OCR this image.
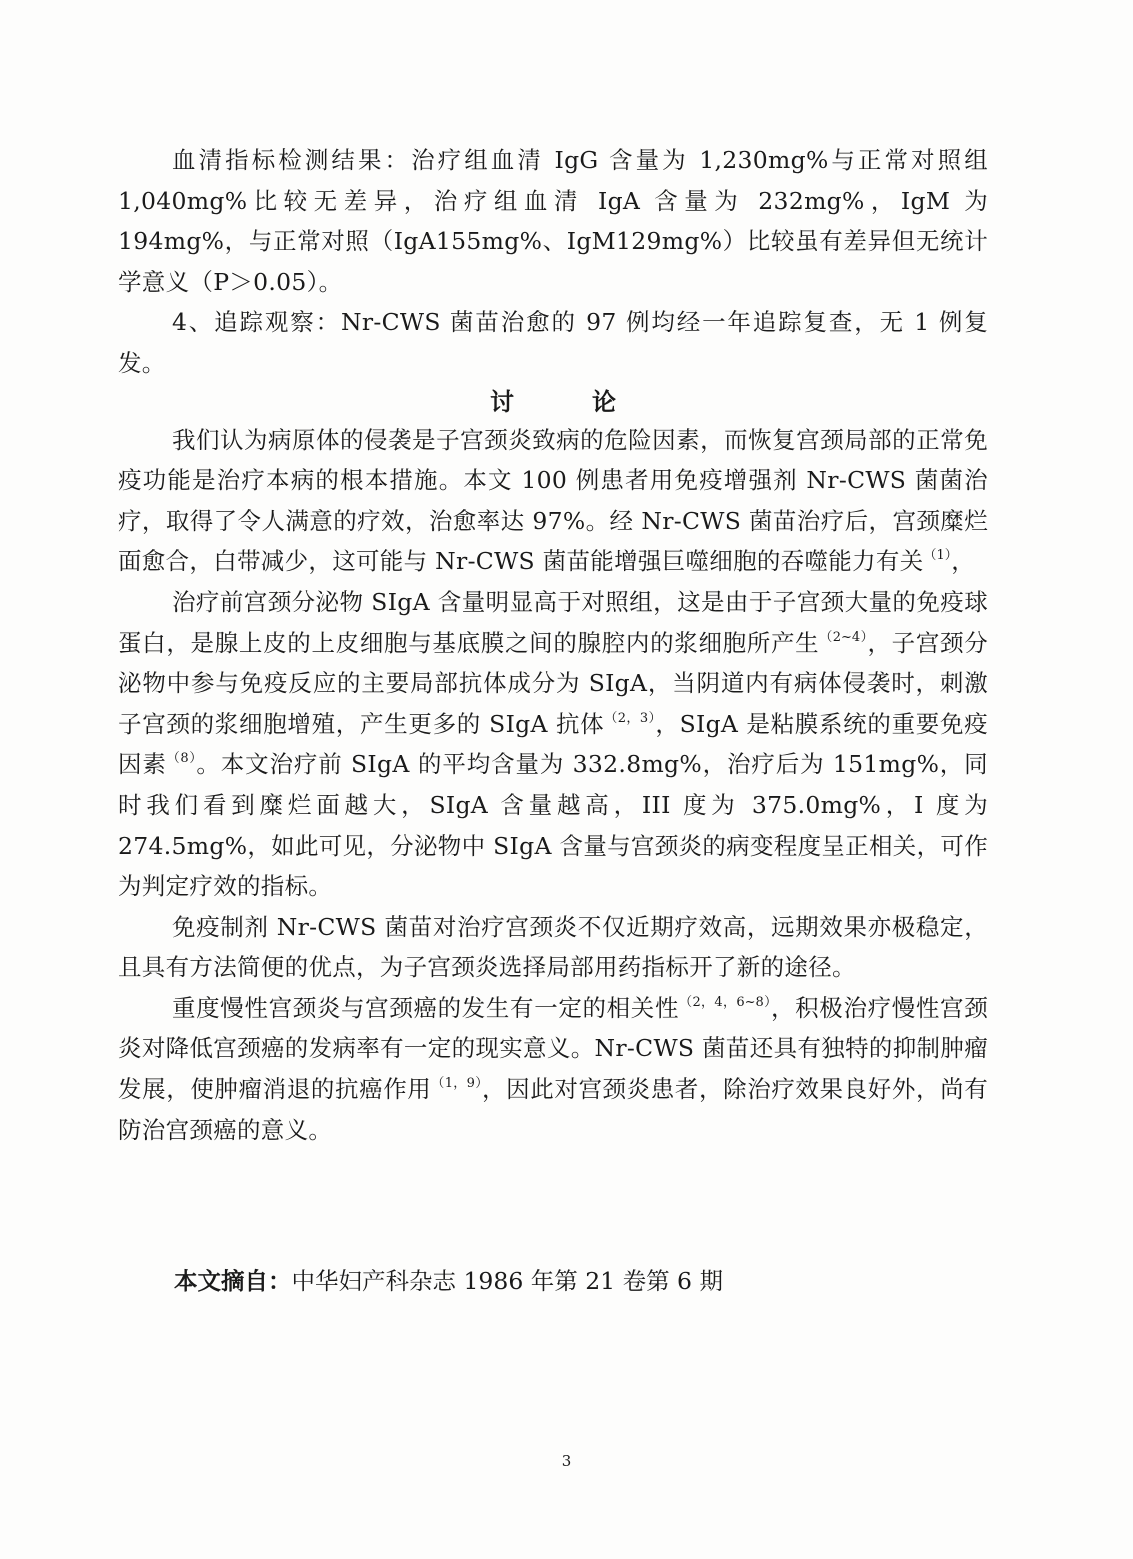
血清指标检测结果：治疗组血清 IgG 含量为 1,230mg%与正常对照组1,040mg%比较无差异，治疗组血清 IgA 含量为 232mg%，IgM 为 194mg%，与正常对照（IgA155mg%、IgM129mg%）比较虽有差异但无统计学意义（P＞0.05）。

4、追踪观察：Nr-CWS 菌苗治愈的 97 例均经一年追踪复查，无 1 例复发。

讨论

我们认为病原体的侵袭是子宫颈炎致病的危险因素，而恢复宫颈局部的正常免疫功能是治疗本病的根本措施。本文 100 例患者用免疫增强剂 Nr-CWS 菌菌治疗，取得了令人满意的疗效，治愈率达 97%。经 Nr-CWS 菌苗治疗后，宫颈糜烂面愈合，白带减少，这可能与 Nr-CWS 菌苗能增强巨噬细胞的吞噬能力有关$^{(1)}$，

治疗前宫颈分泌物 SIgA 含量明显高于对照组，这是由于子宫颈大量的免疫球蛋白，是腺上皮的上皮细胞与基底膜之间的腺腔内的浆细胞所产生$^{(2\sim 4)}$，子宫颈分泌物中参与免疫反应的主要局部抗体成分为 SIgA，当阴道内有病体侵袭时，刺激子宫颈的浆细胞增殖，产生更多的 SIgA 抗体$^{(2,3)}$，SIgA 是粘膜系统的重要免疫因素$^{(8)}$。本文治疗前 SIgA 的平均含量为 332.8mg%，治疗后为 151mg%，同时我们看到糜烂面越大，SIgA 含量越高，III 度为 375.0mg%，I 度为 274.5mg%，如此可见，分泌物中 SIgA 含量与宫颈炎的病变程度呈正相关，可作为判定疗效的指标。

免疫制剂 Nr-CWS 菌苗对治疗宫颈炎不仅近期疗效高，远期效果亦极稳定，且具有方法简便的优点，为子宫颈炎选择局部用药指标开了新的途径。

重度慢性宫颈炎与宫颈癌的发生有一定的相关性$^{(2,4,6\sim 8)}$，积极治疗慢性宫颈炎对降低宫颈癌的发病率有一定的现实意义。Nr-CWS 菌苗还具有独特的抑制肿瘤发展，使肿瘤消退的抗癌作用$^{(1,9)}$，因此对宫颈炎患者，除治疗效果良好外，尚有防治宫颈癌的意义。

本文摘自：中华妇产科杂志 1986 年第 21 卷第 6 期
3
